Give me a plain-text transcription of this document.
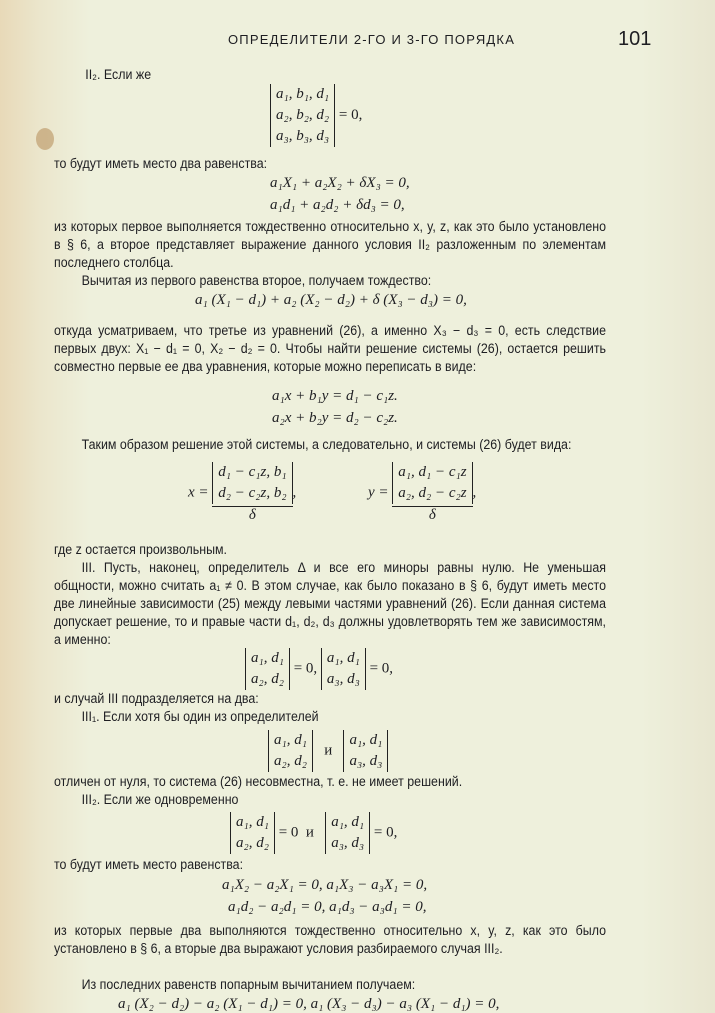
ОПРЕДЕЛИТЕЛИ 2-ГО И 3-ГО ПОРЯДКА	101
II₂. Если же
a₁, b₁, d₁
a₂, b₂, d₂
a₃, b₃, d₃ = 0,
то будут иметь место два равенства:
a₁X₁ + a₂X₂ + δX₃ = 0,
a₁d₁ + a₂d₂ + δd₃ = 0,
из которых первое выполняется тождественно относительно x, y, z, как это было установлено в § 6, а второе представляет выражение данного условия II₂ разложенным по элементам последнего столбца.
Вычитая из первого равенства второе, получаем тождество:
a₁ (X₁ − d₁) + a₂ (X₂ − d₂) + δ (X₃ − d₃) = 0,
откуда усматриваем, что третье из уравнений (26), а именно X₃ − d₃ = 0, есть следствие первых двух: X₁ − d₁ = 0, X₂ − d₂ = 0. Чтобы найти решение системы (26), остается решить совместно первые ее два уравнения, которые можно переписать в виде:
a₁x + b₁y = d₁ − c₁z.
a₂x + b₂y = d₂ − c₂z.
Таким образом решение этой системы, а следовательно, и системы (26) будет вида:
x =
d₁ − c₁z, b₁
d₂ − c₂z, b₂
δ
,	y =
a₁, d₁ − c₁z
a₂, d₂ − c₂z
δ
,
где z остается произвольным.
III. Пусть, наконец, определитель Δ и все его миноры равны нулю. Не уменьшая общности, можно считать a₁ ≠ 0. В этом случае, как было показано в § 6, будут иметь место две линейные зависимости (25) между левыми частями уравнений (26). Если данная система допускает решение, то и правые части d₁, d₂, d₃ должны удовлетворять тем же зависимостям, а именно:
a₁, d₁
a₂, d₂ = 0, a₁, d₁
a₃, d₃ = 0,
и случай III подразделяется на два:
III₁. Если хотя бы один из определителей
a₁, d₁
a₂, d₂   и   a₁, d₁
a₃, d₃
отличен от нуля, то система (26) несовместна, т. е. не имеет решений.
III₂. Если же одновременно
a₁, d₁
a₂, d₂ = 0 и   a₁, d₁
a₃, d₃ = 0,
то будут иметь место равенства:
a₁X₂ − a₂X₁ = 0, a₁X₃ − a₃X₁ = 0,
a₁d₂ − a₂d₁ = 0, a₁d₃ − a₃d₁ = 0,
из которых первые два выполняются тождественно относительно x, y, z, как это было установлено в § 6, а вторые два выражают условия разбираемого случая III₂.
Из последних равенств попарным вычитанием получаем:
a₁ (X₂ − d₂) − a₂ (X₁ − d₁) = 0, a₁ (X₃ − d₃) − a₃ (X₁ − d₁) = 0,
